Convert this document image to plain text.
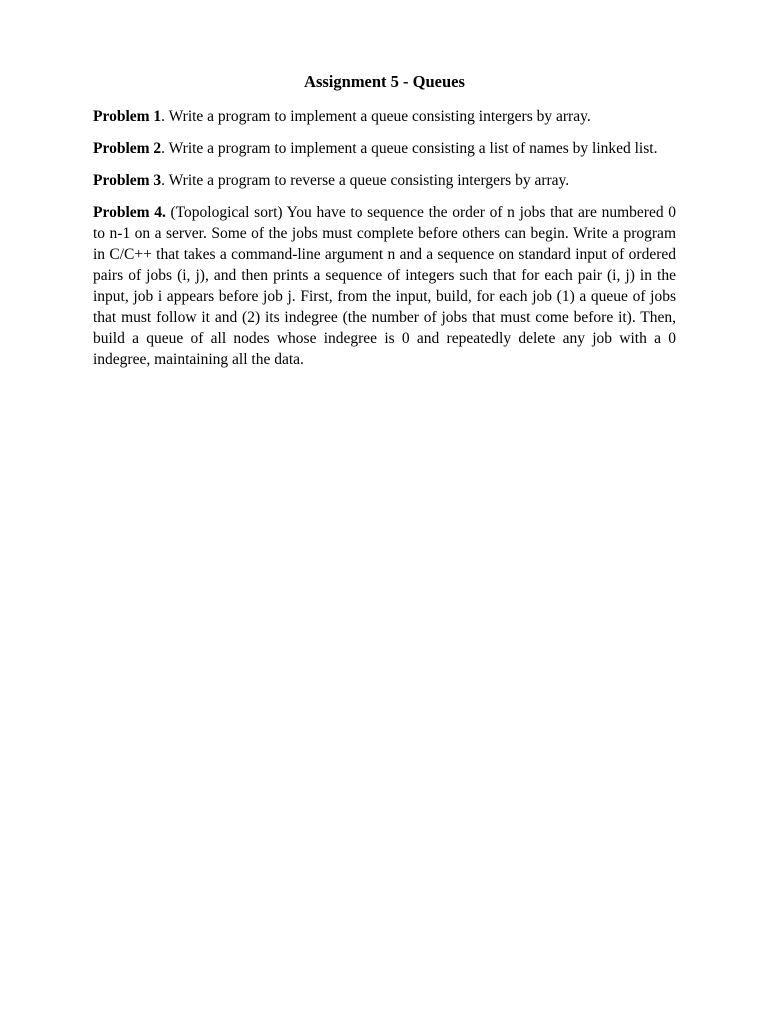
Assignment 5 - Queues

Problem 1. Write a program to implement a queue consisting intergers by array.

Problem 2. Write a program to implement a queue consisting a list of names by linked list.

Problem 3. Write a program to reverse a queue consisting intergers by array.

Problem 4. (Topological sort) You have to sequence the order of n jobs that are numbered 0 to n-1 on a server. Some of the jobs must complete before others can begin. Write a program in C/C++ that takes a command-line argument n and a sequence on standard input of ordered pairs of jobs (i, j), and then prints a sequence of integers such that for each pair (i, j) in the input, job i appears before job j. First, from the input, build, for each job (1) a queue of jobs that must follow it and (2) its indegree (the number of jobs that must come before it). Then, build a queue of all nodes whose indegree is 0 and repeatedly delete any job with a 0 indegree, maintaining all the data.
